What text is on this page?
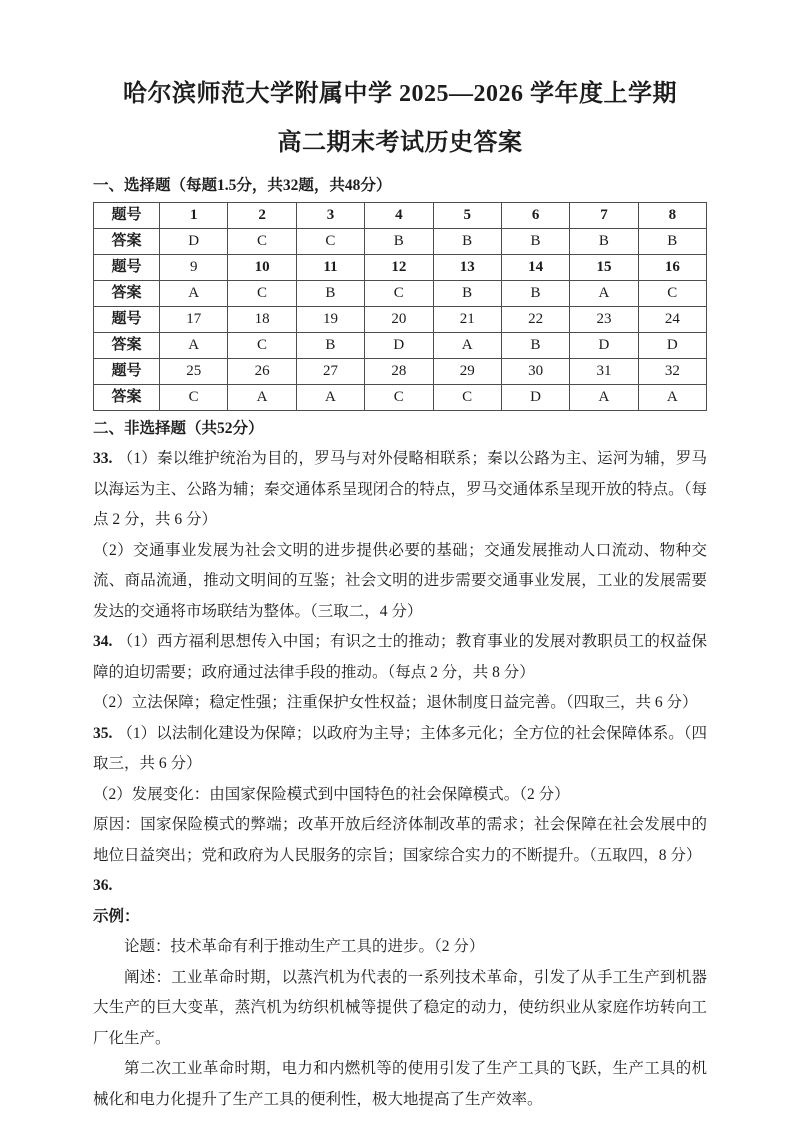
哈尔滨师范大学附属中学 2025—2026 学年度上学期
高二期末考试历史答案
一、选择题（每题1.5分，共32题，共48分）
题号	1	2	3	4	5	6	7	8
答案	D	C	C	B	B	B	B	B
题号	9	10	11	12	13	14	15	16
答案	A	C	B	C	B	B	A	C
题号	17	18	19	20	21	22	23	24
答案	A	C	B	D	A	B	D	D
题号	25	26	27	28	29	30	31	32
答案	C	A	A	C	C	D	A	A
二、非选择题（共52分）

33. （1）秦以维护统治为目的，罗马与对外侵略相联系；秦以公路为主、运河为辅，罗马以海运为主、公路为辅；秦交通体系呈现闭合的特点，罗马交通体系呈现开放的特点。（每点 2 分，共 6 分）

（2）交通事业发展为社会文明的进步提供必要的基础；交通发展推动人口流动、物种交流、商品流通，推动文明间的互鉴；社会文明的进步需要交通事业发展，工业的发展需要发达的交通将市场联结为整体。（三取二，4 分）

34. （1）西方福利思想传入中国；有识之士的推动；教育事业的发展对教职员工的权益保障的迫切需要；政府通过法律手段的推动。（每点 2 分，共 8 分）

（2）立法保障；稳定性强；注重保护女性权益；退休制度日益完善。（四取三，共 6 分）

35. （1）以法制化建设为保障；以政府为主导；主体多元化；全方位的社会保障体系。（四取三，共 6 分）

（2）发展变化：由国家保险模式到中国特色的社会保障模式。（2 分）

原因：国家保险模式的弊端；改革开放后经济体制改革的需求；社会保障在社会发展中的地位日益突出；党和政府为人民服务的宗旨；国家综合实力的不断提升。（五取四，8 分）

36.

示例：

论题：技术革命有利于推动生产工具的进步。（2 分）

阐述：工业革命时期，以蒸汽机为代表的一系列技术革命，引发了从手工生产到机器大生产的巨大变革，蒸汽机为纺织机械等提供了稳定的动力，使纺织业从家庭作坊转向工厂化生产。

第二次工业革命时期，电力和内燃机等的使用引发了生产工具的飞跃，生产工具的机械化和电力化提升了生产工具的便利性，极大地提高了生产效率。
